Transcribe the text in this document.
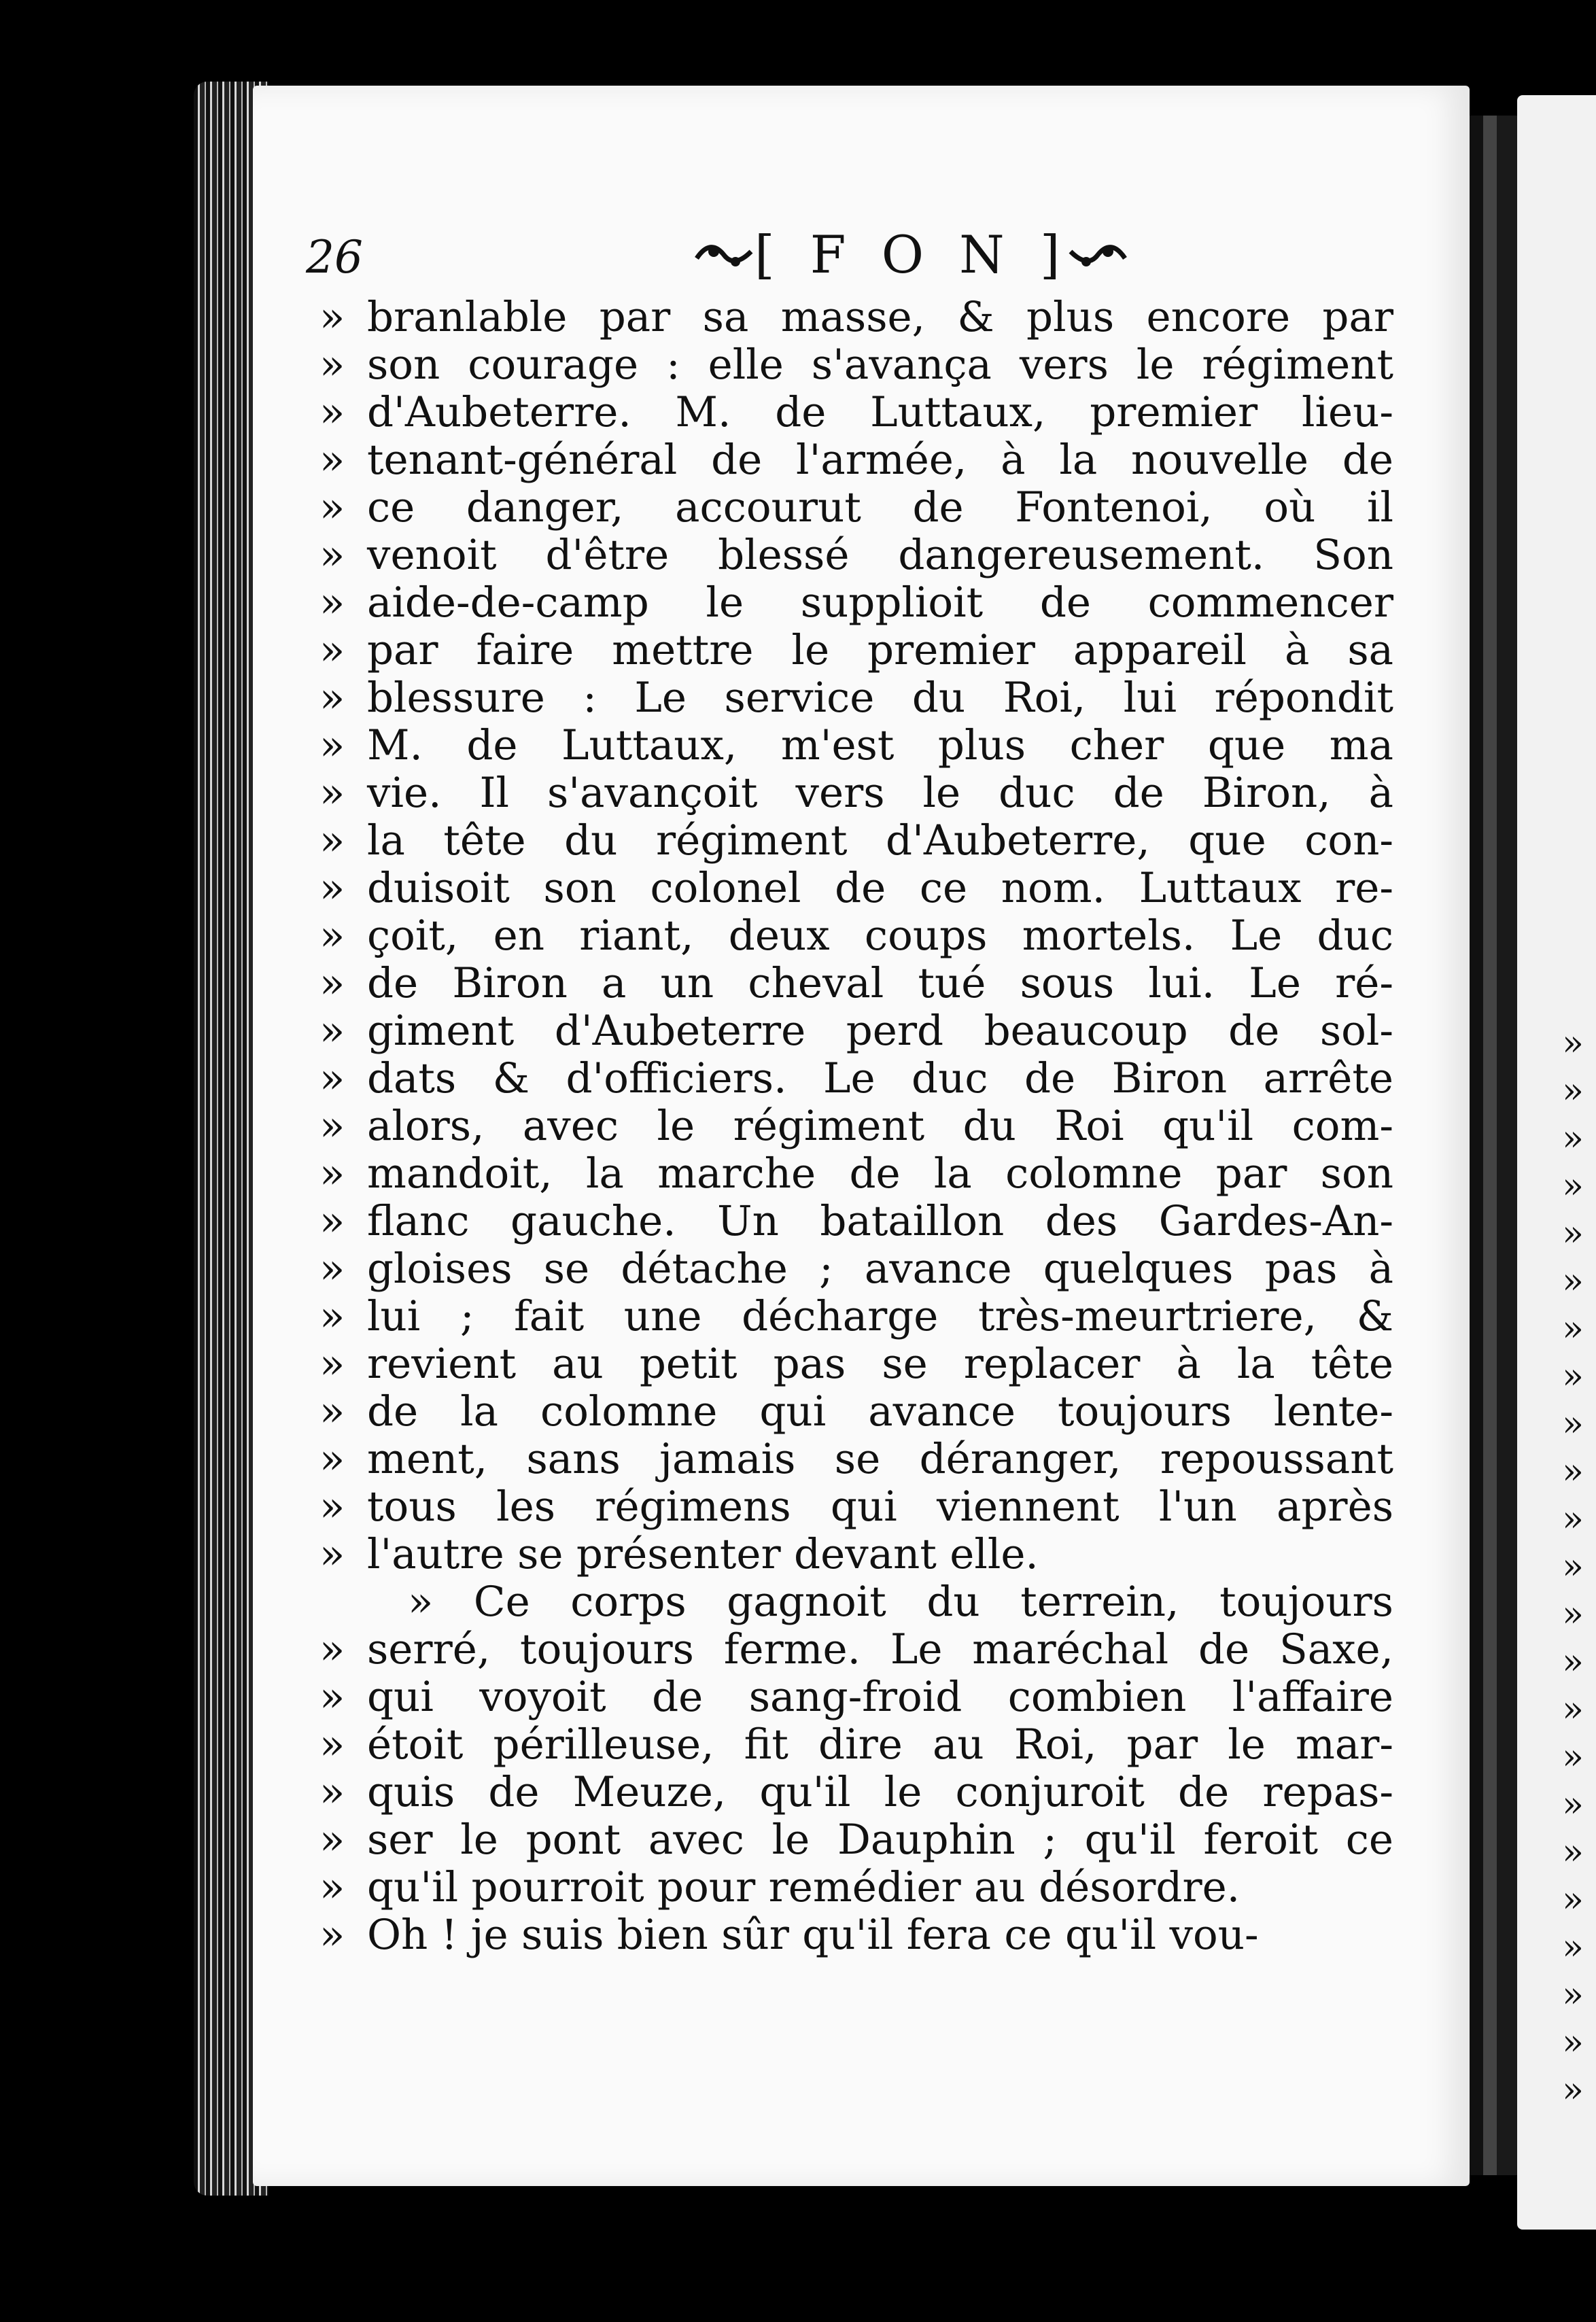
»
»
»
»
»
»
»
»
»
»
»
»
»
»
»
»
»
»
»
»
»
»
»
26	[ F O N ]
» branlable par sa masse, & plus encore par
» son courage : elle s'avança vers le régiment
» d'Aubeterre. M. de Luttaux, premier lieu-
» tenant-général de l'armée, à la nouvelle de
» ce danger, accourut de Fontenoi, où il
» venoit d'être blessé dangereusement. Son
» aide-de-camp le supplioit de commencer
» par faire mettre le premier appareil à sa
» blessure : Le service du Roi, lui répondit
» M. de Luttaux, m'est plus cher que ma
» vie. Il s'avançoit vers le duc de Biron, à
» la tête du régiment d'Aubeterre, que con-
» duisoit son colonel de ce nom. Luttaux re-
» çoit, en riant, deux coups mortels. Le duc
» de Biron a un cheval tué sous lui. Le ré-
» giment d'Aubeterre perd beaucoup de sol-
» dats & d'officiers. Le duc de Biron arrête
» alors, avec le régiment du Roi qu'il com-
» mandoit, la marche de la colomne par son
» flanc gauche. Un bataillon des Gardes-An-
» gloises se détache ; avance quelques pas à
» lui ; fait une décharge très-meurtriere, &
» revient au petit pas se replacer à la tête
» de la colomne qui avance toujours lente-
» ment, sans jamais se déranger, repoussant
» tous les régimens qui viennent l'un après
» l'autre se présenter devant elle.
» Ce corps gagnoit du terrein, toujours
» serré, toujours ferme. Le maréchal de Saxe,
» qui voyoit de sang-froid combien l'affaire
» étoit périlleuse, fit dire au Roi, par le mar-
» quis de Meuze, qu'il le conjuroit de repas-
» ser le pont avec le Dauphin ; qu'il feroit ce
» qu'il pourroit pour remédier au désordre.
» Oh ! je suis bien sûr qu'il fera ce qu'il vou-
